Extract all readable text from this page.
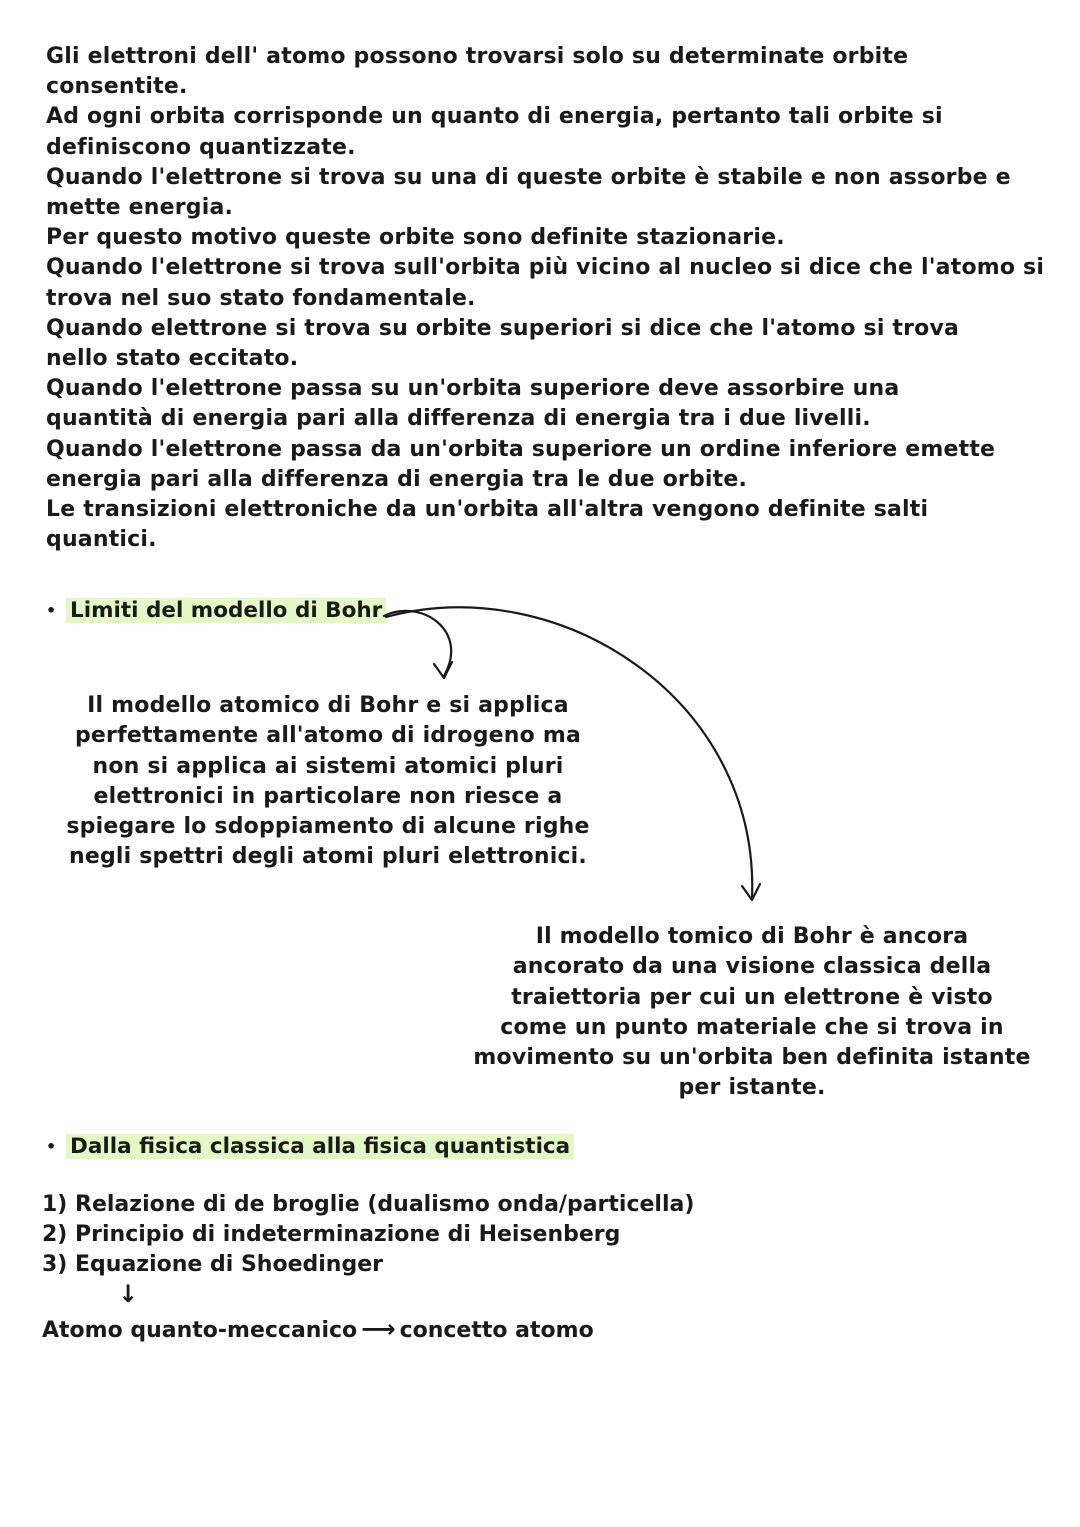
Gli elettroni dell' atomo possono trovarsi solo su determinate orbite
consentite.
Ad ogni orbita corrisponde un quanto di energia, pertanto tali orbite si
definiscono quantizzate.
Quando l'elettrone si trova su una di queste orbite è stabile e non assorbe e
mette energia.
Per questo motivo queste orbite sono definite stazionarie.
Quando l'elettrone si trova sull'orbita più vicino al nucleo si dice che l'atomo si
trova nel suo stato fondamentale.
Quando elettrone si trova su orbite superiori si dice che l'atomo si trova
nello stato eccitato.
Quando l'elettrone passa su un'orbita superiore deve assorbire una
quantità di energia pari alla differenza di energia tra i due livelli.
Quando l'elettrone passa da un'orbita superiore un ordine inferiore emette
energia pari alla differenza di energia tra le due orbite.
Le transizioni elettroniche da un'orbita all'altra vengono definite salti
quantici.
• Limiti del modello di Bohr
Il modello atomico di Bohr e si applica
perfettamente all'atomo di idrogeno ma
non si applica ai sistemi atomici pluri
elettronici in particolare non riesce a
spiegare lo sdoppiamento di alcune righe
negli spettri degli atomi pluri elettronici.
Il modello tomico di Bohr è ancora
ancorato da una visione classica della
traiettoria per cui un elettrone è visto
come un punto materiale che si trova in
movimento su un'orbita ben definita istante
per istante.
• Dalla fisica classica alla fisica quantistica
1) Relazione di de broglie (dualismo onda/particella)
2) Principio di indeterminazione di Heisenberg
3) Equazione di Shoedinger
↓
Atomo quanto-meccanico ⟶ concetto atomo
